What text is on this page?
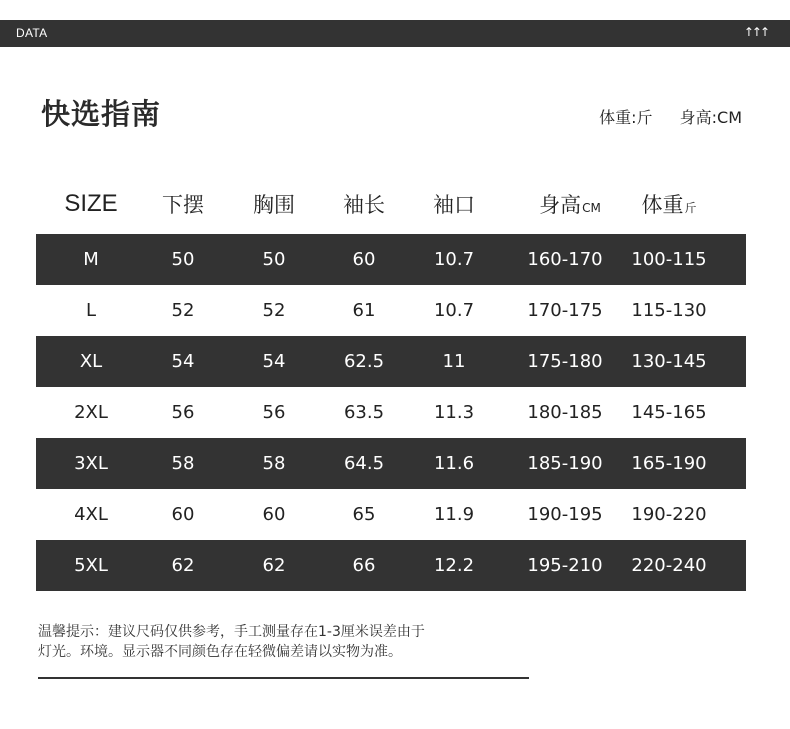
DATA	↑↑↑
快选指南	体重:斤 身高:CM
SIZE 下摆 胸围 袖长 袖口	身高 CM 体重 斤
M	50	50	60	10.7	160-170	100-115
L	52	52	61	10.7	170-175	115-130
XL	54	54	62.5	11	175-180	130-145
2XL	56	56	63.5	11.3	180-185	145-165
3XL	58	58	64.5	11.6	185-190	165-190
4XL	60	60	65	11.9	190-195	190-220
5XL	62	62	66	12.2	195-210	220-240
温馨提示：建议尺码仅供参考，手工测量存在1-3厘米误差由于
灯光。环境。显示器不同颜色存在轻微偏差请以实物为准。
